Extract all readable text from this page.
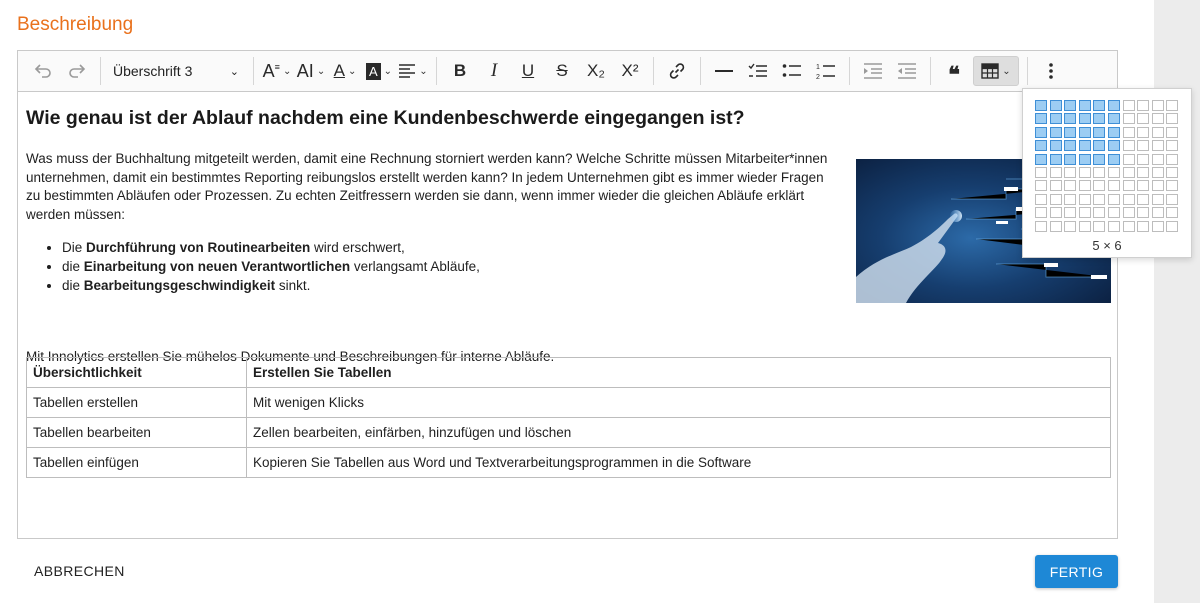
Beschreibung
Überschrift 3	⌄ A≡ ⌄ AI ⌄ A ⌄ A ⌄	⌄ B I U S X₂ X²	1
2	❝	⌄
Wie genau ist der Ablauf nachdem eine Kundenbeschwerde eingegangen ist?

Was muss der Buchhaltung mitgeteilt werden, damit eine Rechnung storniert werden kann? Welche Schritte müssen Mitarbeiter*innen unternehmen, damit ein bestimmtes Reporting reibungslos erstellt werden kann? In jedem Unternehmen gibt es immer wieder Fragen zu bestimmten Abläufen oder Prozessen. Zu echten Zeitfressern werden sie dann, wenn immer wieder die gleichen Abläufe erklärt werden müssen:

• Die Durchführung von Routinearbeiten wird erschwert,
• die Einarbeitung von neuen Verantwortlichen verlangsamt Abläufe,
• die Bearbeitungsgeschwindigkeit sinkt.

Mit Innolytics erstellen Sie mühelos Dokumente und Beschreibungen für interne Abläufe.

Übersichtlichkeit	Erstellen Sie Tabellen
Tabellen erstellen	Mit wenigen Klicks
Tabellen bearbeiten	Zellen bearbeiten, einfärben, hinzufügen und löschen
Tabellen einfügen	Kopieren Sie Tabellen aus Word und Textverarbeitungsprogrammen in die Software
5 × 6
ABBRECHEN	FERTIG
